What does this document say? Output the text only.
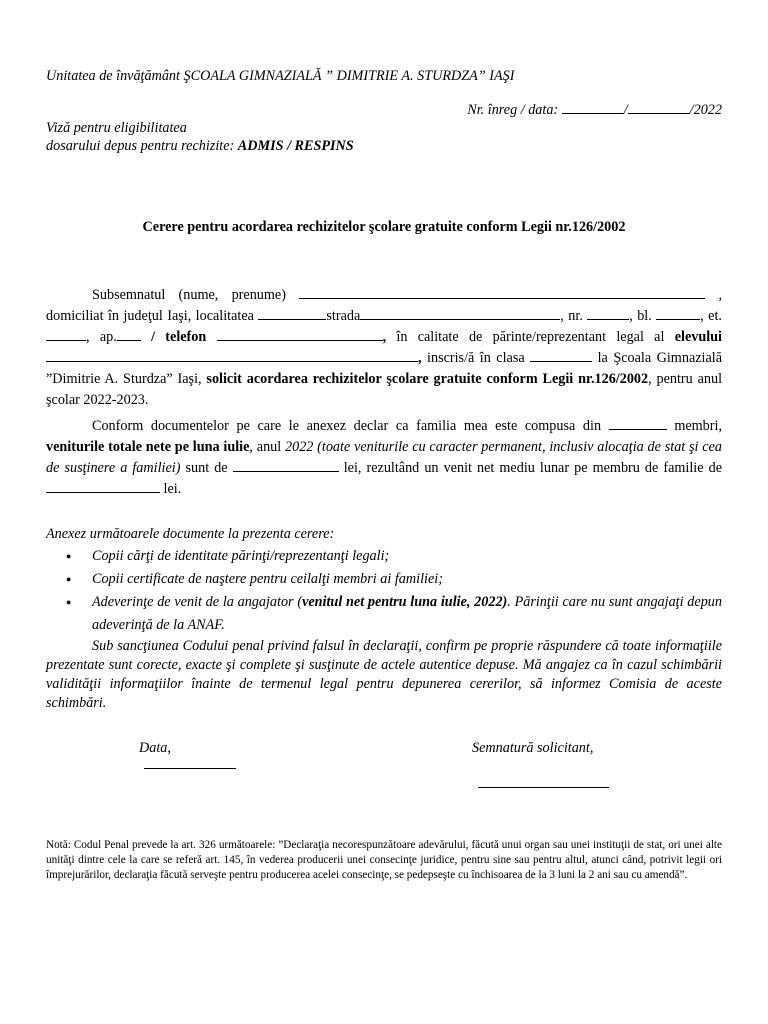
Unitatea de învăţământ ŞCOALA GIMNAZIALĂ ” DIMITRIE A. STURDZA” IAŞI
Nr. înreg / data:	/	/2022
Viză pentru eligibilitatea
dosarului depus pentru rechizite: ADMIS / RESPINS
Cerere pentru acordarea rechizitelor şcolare gratuite conform Legii nr.126/2002
Subsemnatul (nume, prenume)	, domiciliat în judeţul Iaşi, localitatea	strada	, nr.	, bl.	, et., ap. / telefon	, în calitate de părinte/reprezentant legal al elevului , inscris/ă în clasa	la Şcoala Gimnazială ”Dimitrie A. Sturdza” Iaşi, solicit acordarea rechizitelor şcolare gratuite conform Legii nr.126/2002, pentru anul şcolar 2022-2023.
Conform documentelor pe care le anexez declar ca familia mea este compusa din	membri, veniturile totale nete pe luna iulie, anul 2022 (toate veniturile cu caracter permanent, inclusiv alocaţia de stat şi cea de susţinere a familiei) sunt de	lei, rezultând un venit net mediu lunar pe membru de familie de  lei.
Anexez următoarele documente la prezenta cerere:
● Copii cărţi de identitate părinţi/reprezentanţi legali;
● Copii certificate de naştere pentru ceilalţi membri ai familiei;
● Adeverinţe de venit de la angajator (venitul net pentru luna iulie, 2022). Părinţii care nu sunt angajaţi depun adeverinţă de la ANAF.
Sub sancţiunea Codului penal privind falsul în declaraţii, confirm pe proprie răspundere că toate informaţiile prezentate sunt corecte, exacte şi complete şi susţinute de actele autentice depuse. Mă angajez ca în cazul schimbării validităţii informaţiilor înainte de termenul legal pentru depunerea cererilor, să informez Comisia de aceste schimbări.
Data,	Semnatură solicitant,
Notă: Codul Penal prevede la art. 326 următoarele: ”Declaraţia necorespunzătoare adevărului, făcută unui organ sau unei instituţii de stat, ori unei alte unităţi dintre cele la care se referă art. 145, în vederea producerii unei consecinţe juridice, pentru sine sau pentru altul, atunci când, potrivit legii ori împrejurărilor, declaraţia făcută serveşte pentru producerea acelei consecinţe, se pedepseşte cu închisoarea de la 3 luni la 2 ani sau cu amendă”.
